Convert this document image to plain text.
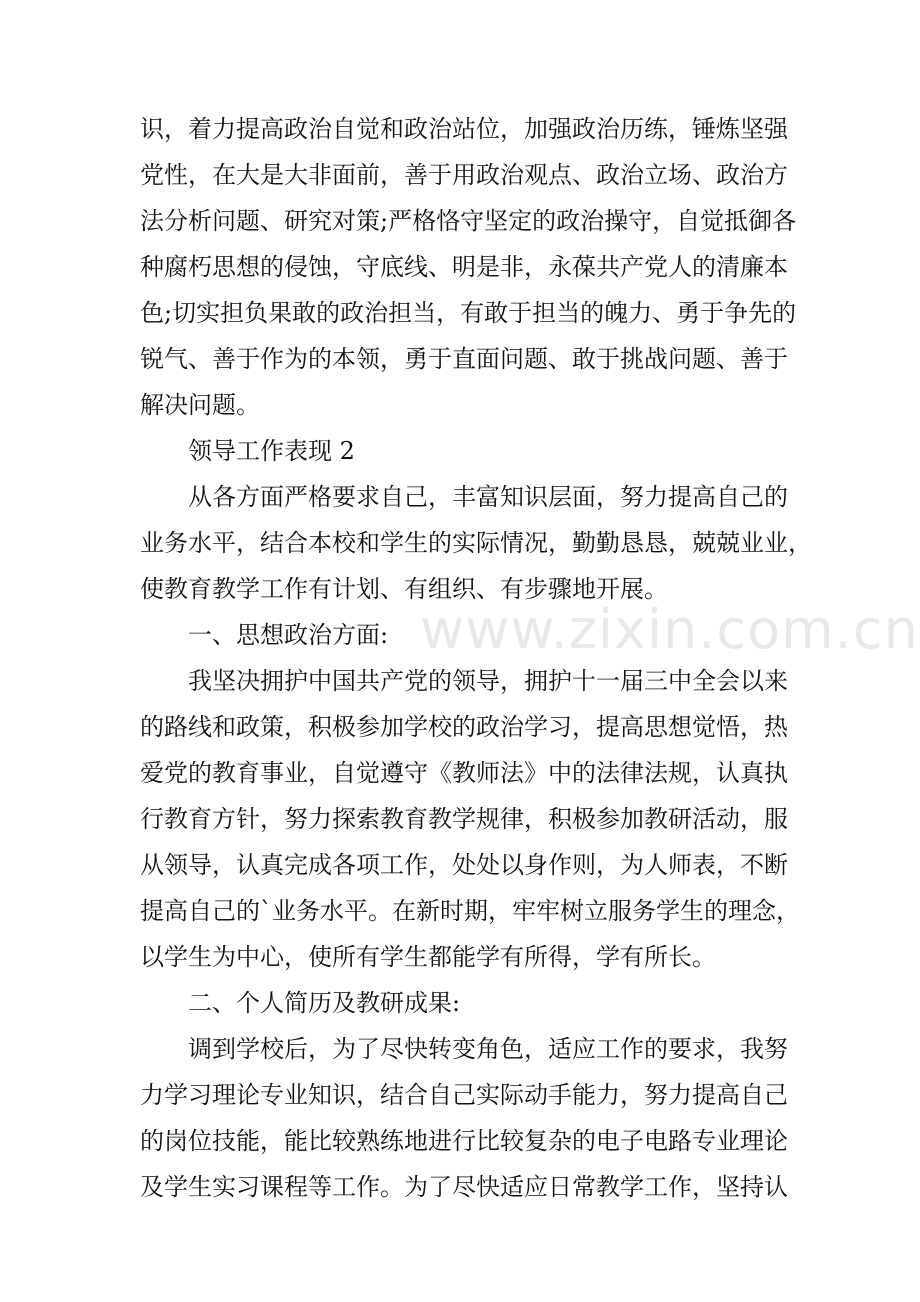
识，着力提高政治自觉和政治站位，加强政治历练，锤炼坚强
党性，在大是大非面前，善于用政治观点、政治立场、政治方
法分析问题、研究对策;严格恪守坚定的政治操守，自觉抵御各
种腐朽思想的侵蚀，守底线、明是非，永葆共产党人的清廉本
色;切实担负果敢的政治担当，有敢于担当的魄力、勇于争先的
锐气、善于作为的本领，勇于直面问题、敢于挑战问题、善于
解决问题。
领导工作表现 2
从各方面严格要求自己，丰富知识层面，努力提高自己的
业务水平，结合本校和学生的实际情况，勤勤恳恳，兢兢业业，
使教育教学工作有计划、有组织、有步骤地开展。
一、思想政治方面:
我坚决拥护中国共产党的领导，拥护十一届三中全会以来
的路线和政策，积极参加学校的政治学习，提高思想觉悟，热
爱党的教育事业，自觉遵守《教师法》中的法律法规，认真执
行教育方针，努力探索教育教学规律，积极参加教研活动，服
从领导，认真完成各项工作，处处以身作则，为人师表，不断
提高自己的`业务水平。在新时期，牢牢树立服务学生的理念，
以学生为中心，使所有学生都能学有所得，学有所长。
二、个人简历及教研成果:
调到学校后，为了尽快转变角色，适应工作的要求，我努
力学习理论专业知识，结合自己实际动手能力，努力提高自己
的岗位技能，能比较熟练地进行比较复杂的电子电路专业理论
及学生实习课程等工作。为了尽快适应日常教学工作，坚持认
www.zixin.com.cn
